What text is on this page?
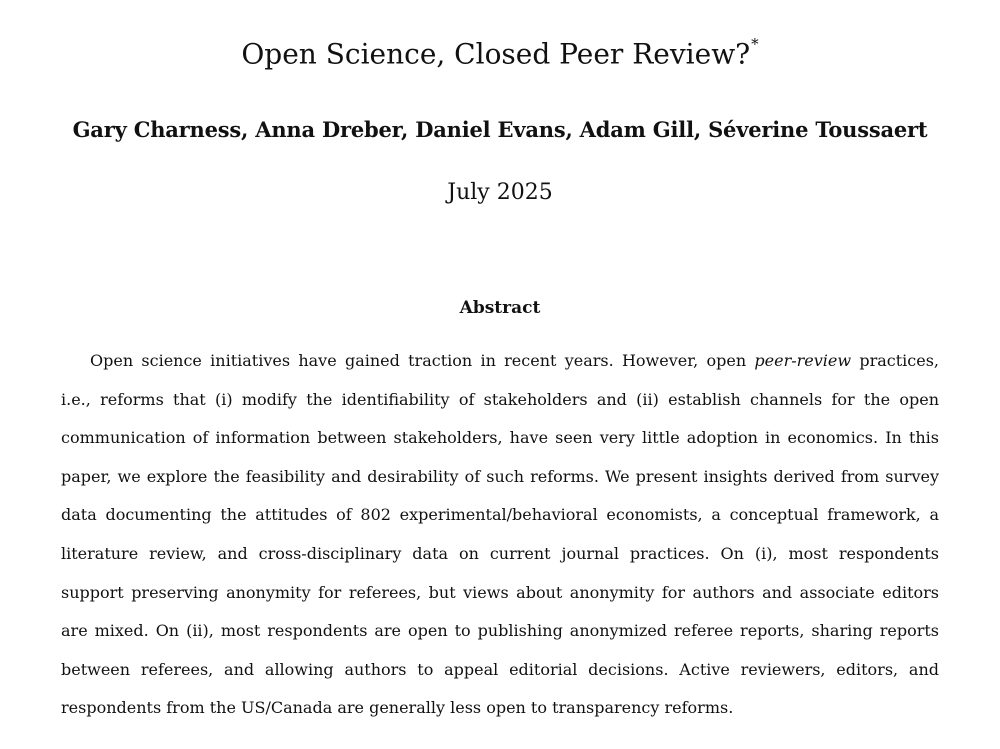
Open Science, Closed Peer Review?*
Gary Charness, Anna Dreber, Daniel Evans, Adam Gill, Séverine Toussaert
July 2025
Abstract
Open science initiatives have gained traction in recent years. However, open peer-review practices,
i.e., reforms that (i) modify the identifiability of stakeholders and (ii) establish channels for the open
communication of information between stakeholders, have seen very little adoption in economics. In this
paper, we explore the feasibility and desirability of such reforms. We present insights derived from survey
data documenting the attitudes of 802 experimental/behavioral economists, a conceptual framework, a
literature review, and cross-disciplinary data on current journal practices. On (i), most respondents
support preserving anonymity for referees, but views about anonymity for authors and associate editors
are mixed. On (ii), most respondents are open to publishing anonymized referee reports, sharing reports
between referees, and allowing authors to appeal editorial decisions. Active reviewers, editors, and
respondents from the US/Canada are generally less open to transparency reforms.
